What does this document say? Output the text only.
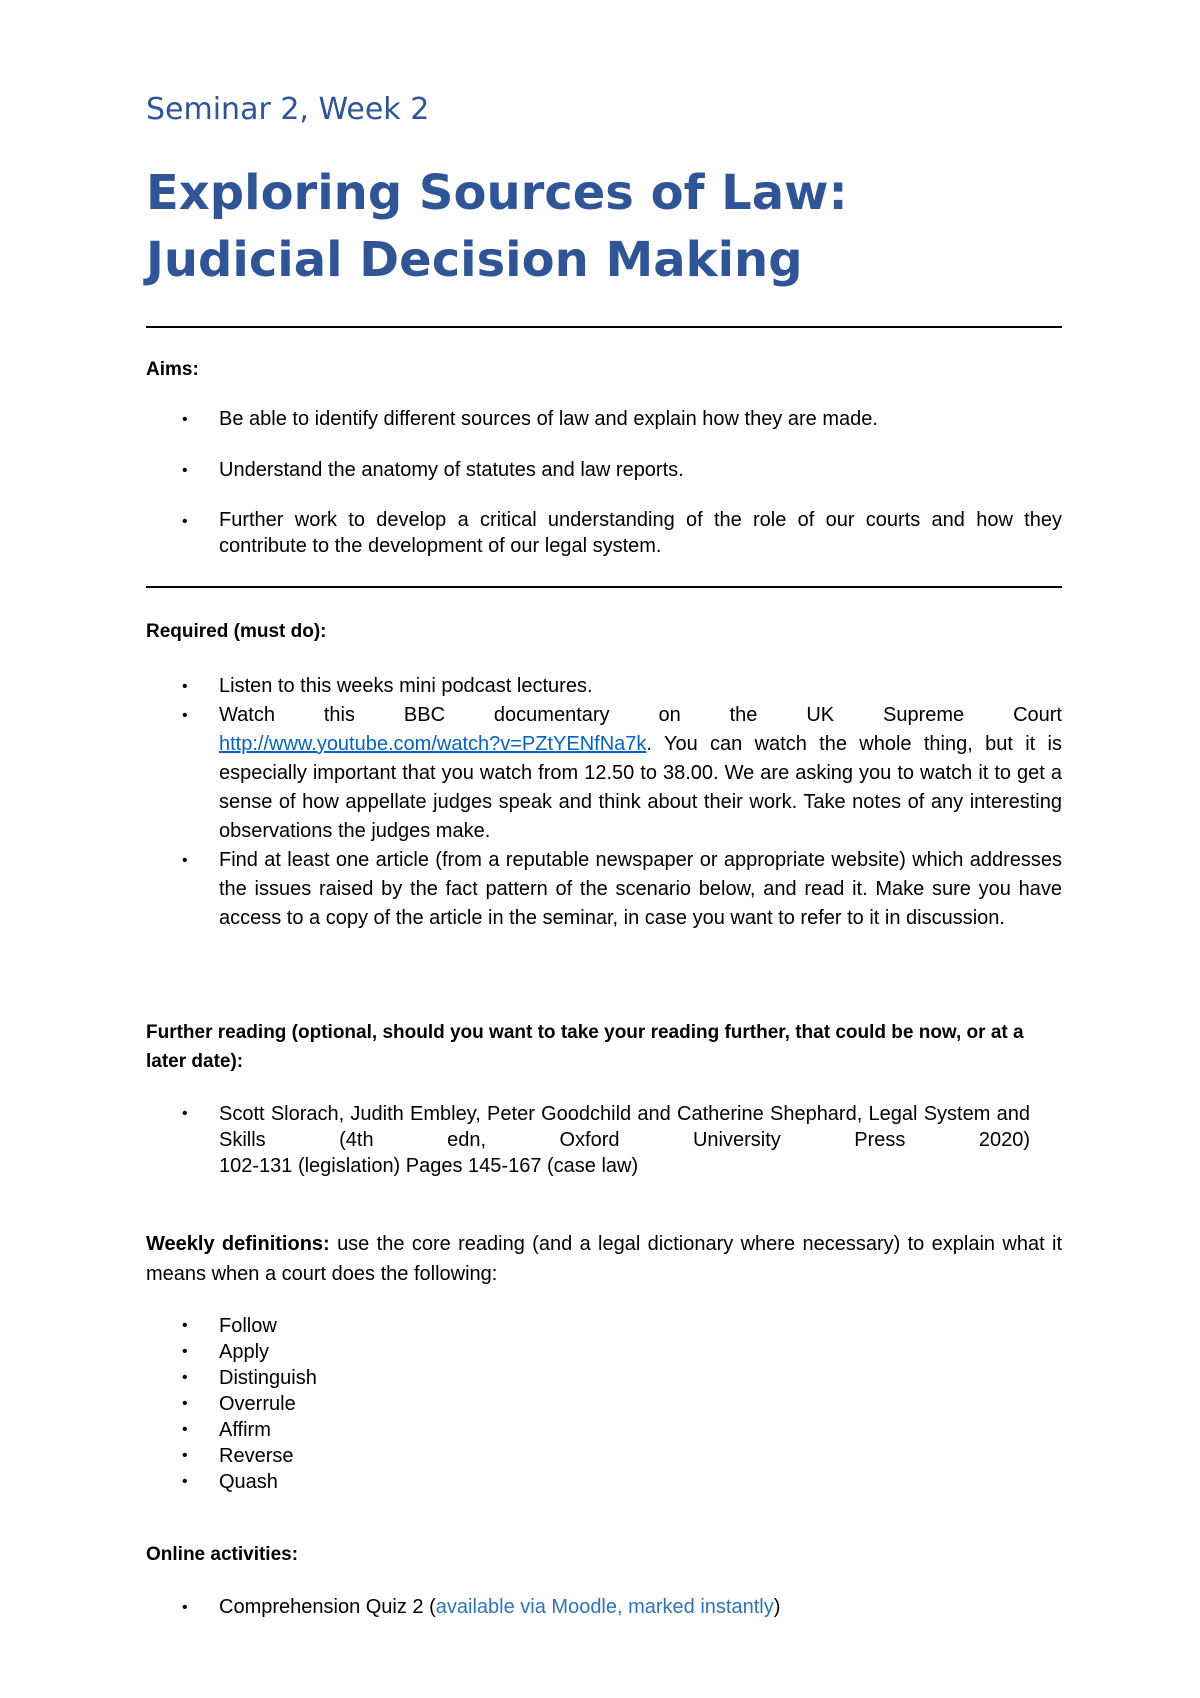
Seminar 2, Week 2
Exploring Sources of Law:
Judicial Decision Making
Aims:
• Be able to identify different sources of law and explain how they are made.
• Understand the anatomy of statutes and law reports.
• Further work to develop a critical understanding of the role of our courts and how they contribute to the development of our legal system.
Required (must do):
• Listen to this weeks mini podcast lectures.
• Watch this BBC documentary on the UK Supreme Court
http://www.youtube.com/watch?v=PZtYENfNa7k. You can watch the whole thing, but it is especially important that you watch from 12.50 to 38.00. We are asking you to watch it to get a sense of how appellate judges speak and think about their work. Take notes of any interesting observations the judges make.
• Find at least one article (from a reputable newspaper or appropriate website) which addresses the issues raised by the fact pattern of the scenario below, and read it. Make sure you have access to a copy of the article in the seminar, in case you want to refer to it in discussion.
Further reading (optional, should you want to take your reading further, that could be now, or at a later date):
• Scott Slorach, Judith Embley, Peter Goodchild and Catherine Shephard, Legal System and Skills (4th edn, Oxford University Press 2020)
102-131 (legislation) Pages 145-167 (case law)
Weekly definitions: use the core reading (and a legal dictionary where necessary) to explain what it means when a court does the following:
• Follow
• Apply
• Distinguish
• Overrule
• Affirm
• Reverse
• Quash
Online activities:
• Comprehension Quiz 2 (available via Moodle, marked instantly)
